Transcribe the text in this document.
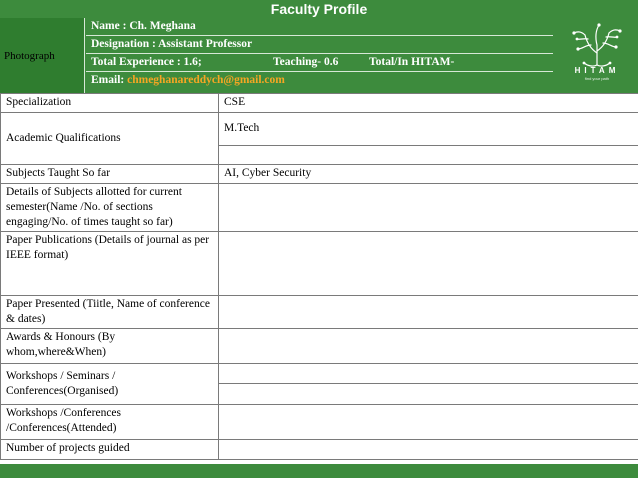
Faculty Profile
Photograph
Name : Ch. Meghana
Designation : Assistant Professor
Total Experience : 1.6;	Teaching- 0.6	Total/In HITAM-
Email: chmeghanareddych@gmail.com
HITAM
find your path
Specialization	CSE
Academic Qualifications	M.Tech

Subjects Taught So far	AI, Cyber Security
Details of Subjects allotted for current semester(Name /No. of sections engaging/No. of times taught so far)	
Paper Publications (Details of journal as per IEEE format)	
Paper Presented (Tiitle, Name of conference & dates)	
Awards & Honours (By whom,where&When)	
Workshops / Seminars / Conferences(Organised)	

Workshops /Conferences /Conferences(Attended)	
Number of projects guided	
